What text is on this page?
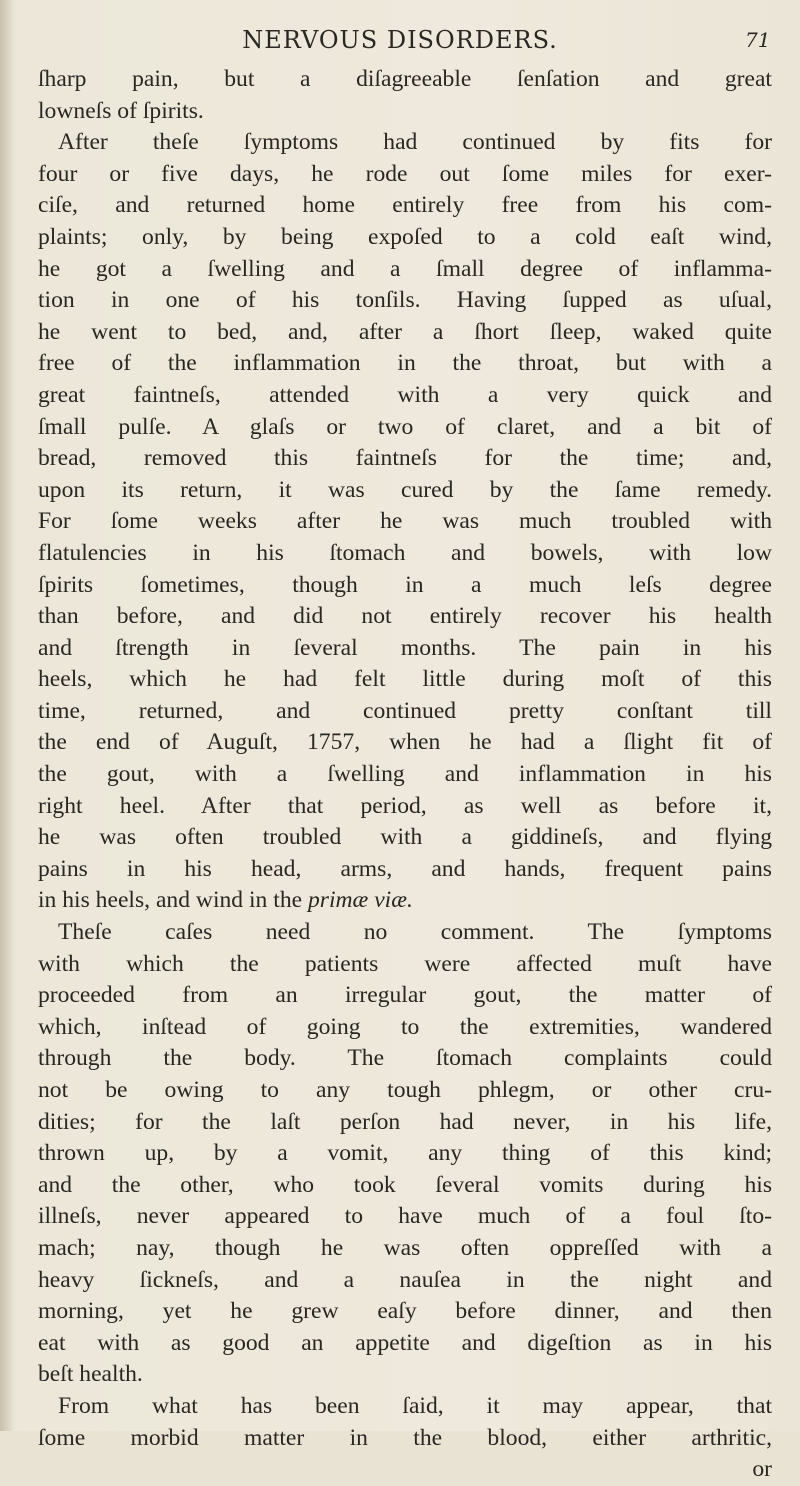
NERVOUS DISORDERS.	71
ſharp pain, but a diſagreeable ſenſation and great
lowneſs of ſpirits.
After theſe ſymptoms had continued by fits for
four or five days, he rode out ſome miles for exer-
ciſe, and returned home entirely free from his com-
plaints; only, by being expoſed to a cold eaſt wind,
he got a ſwelling and a ſmall degree of inflamma-
tion in one of his tonſils. Having ſupped as uſual,
he went to bed, and, after a ſhort ſleep, waked quite
free of the inflammation in the throat, but with a
great faintneſs, attended with a very quick and
ſmall pulſe. A glaſs or two of claret, and a bit of
bread, removed this faintneſs for the time; and,
upon its return, it was cured by the ſame remedy.
For ſome weeks after he was much troubled with
flatulencies in his ſtomach and bowels, with low
ſpirits ſometimes, though in a much leſs degree
than before, and did not entirely recover his health
and ſtrength in ſeveral months. The pain in his
heels, which he had felt little during moſt of this
time, returned, and continued pretty conſtant till
the end of Auguſt, 1757, when he had a ſlight fit of
the gout, with a ſwelling and inflammation in his
right heel. After that period, as well as before it,
he was often troubled with a giddineſs, and flying
pains in his head, arms, and hands, frequent pains
in his heels, and wind in the primæ viæ.
Theſe caſes need no comment. The ſymptoms
with which the patients were affected muſt have
proceeded from an irregular gout, the matter of
which, inſtead of going to the extremities, wandered
through the body. The ſtomach complaints could
not be owing to any tough phlegm, or other cru-
dities; for the laſt perſon had never, in his life,
thrown up, by a vomit, any thing of this kind;
and the other, who took ſeveral vomits during his
illneſs, never appeared to have much of a foul ſto-
mach; nay, though he was often oppreſſed with a
heavy ſickneſs, and a nauſea in the night and
morning, yet he grew eaſy before dinner, and then
eat with as good an appetite and digeſtion as in his
beſt health.
From what has been ſaid, it may appear, that
ſome morbid matter in the blood, either arthritic,
or
